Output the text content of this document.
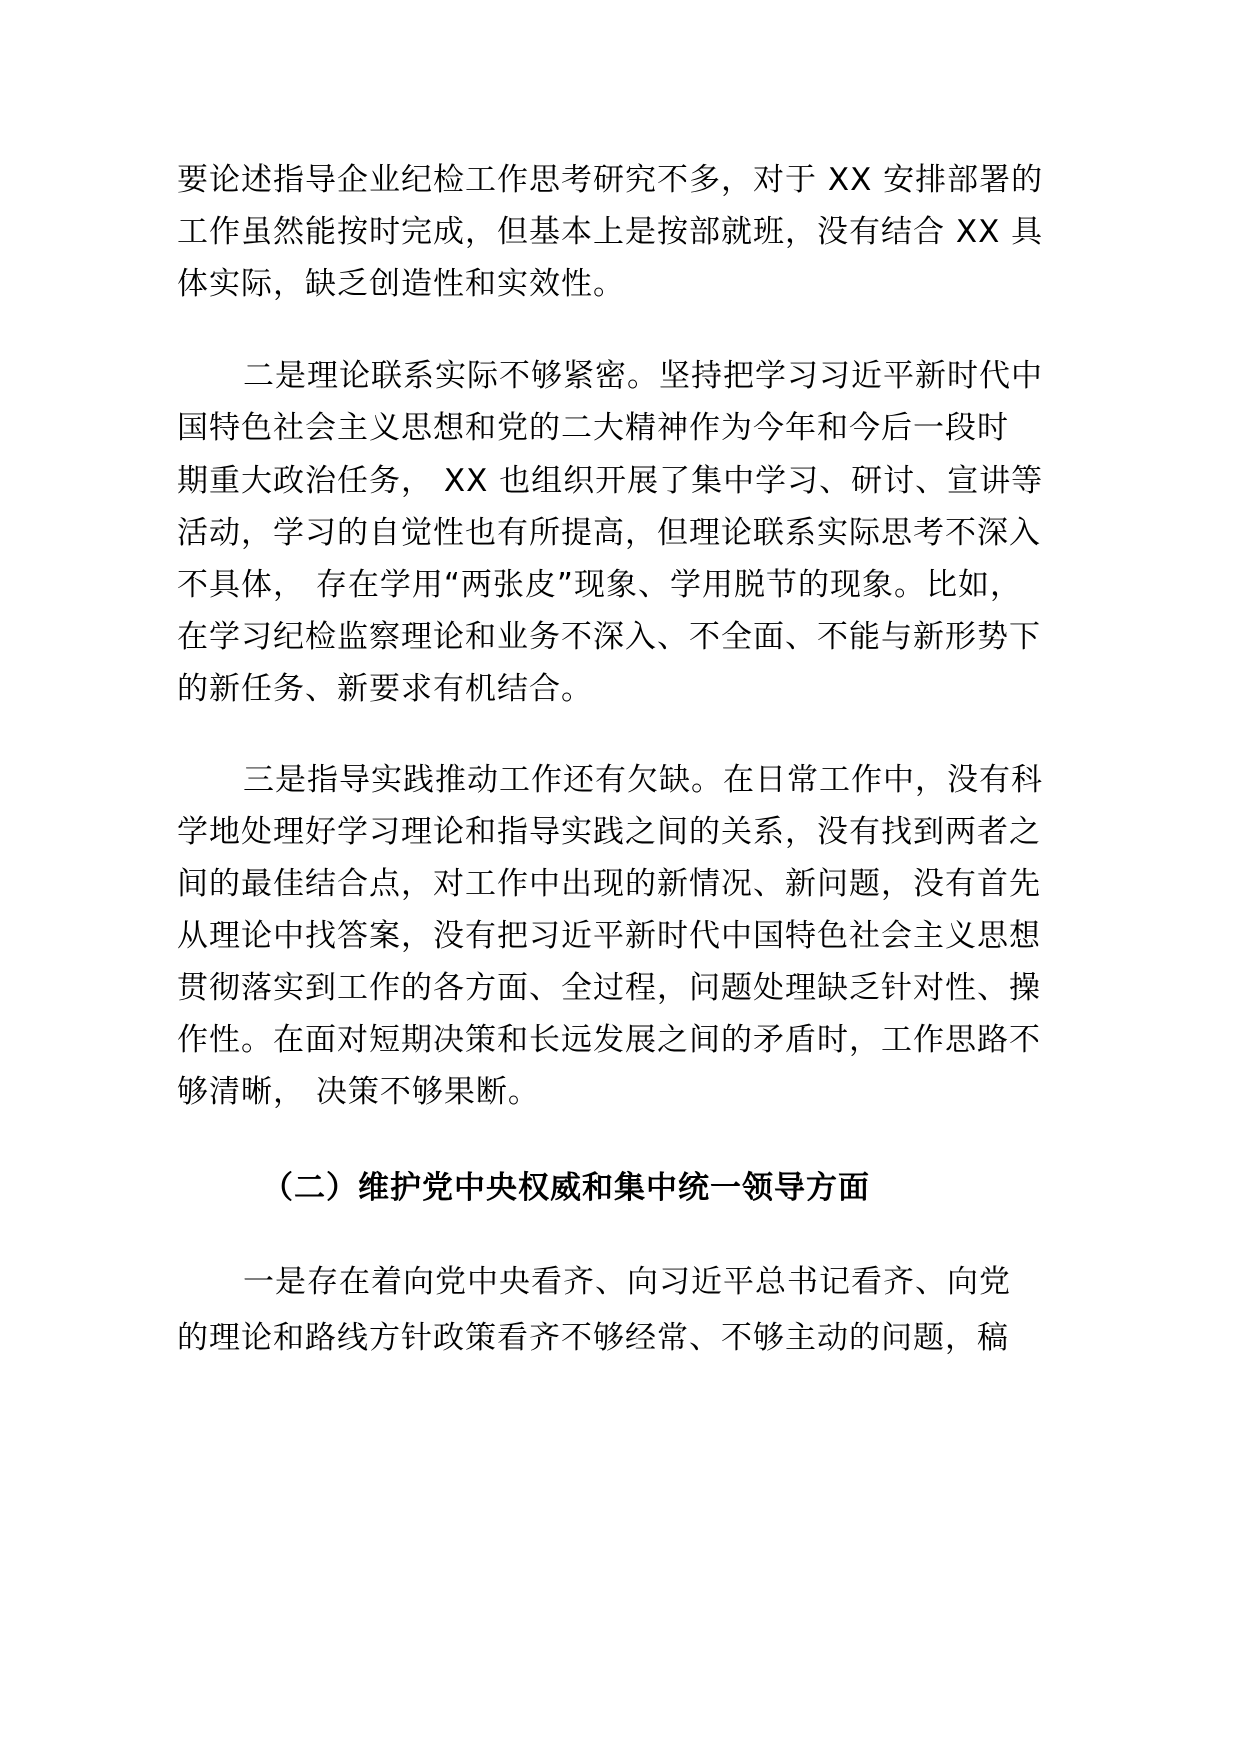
要论述指导企业纪检工作思考研究不多，对于 XX 安排部署的
工作虽然能按时完成，但基本上是按部就班，没有结合 XX 具
体实际，缺乏创造性和实效性。
二是理论联系实际不够紧密。坚持把学习习近平新时代中
国特色社会主义思想和党的二大精神作为今年和今后一段时
期重大政治任务， XX 也组织开展了集中学习、研讨、宣讲等
活动，学习的自觉性也有所提高，但理论联系实际思考不深入
不具体， 存在学用“两张皮”现象、学用脱节的现象。比如，
在学习纪检监察理论和业务不深入、不全面、不能与新形势下
的新任务、新要求有机结合。
三是指导实践推动工作还有欠缺。在日常工作中，没有科
学地处理好学习理论和指导实践之间的关系，没有找到两者之
间的最佳结合点，对工作中出现的新情况、新问题，没有首先
从理论中找答案，没有把习近平新时代中国特色社会主义思想
贯彻落实到工作的各方面、全过程，问题处理缺乏针对性、操
作性。在面对短期决策和长远发展之间的矛盾时，工作思路不
够清晰， 决策不够果断。
（二）维护党中央权威和集中统一领导方面
一是存在着向党中央看齐、向习近平总书记看齐、向党
的理论和路线方针政策看齐不够经常、不够主动的问题，稿
